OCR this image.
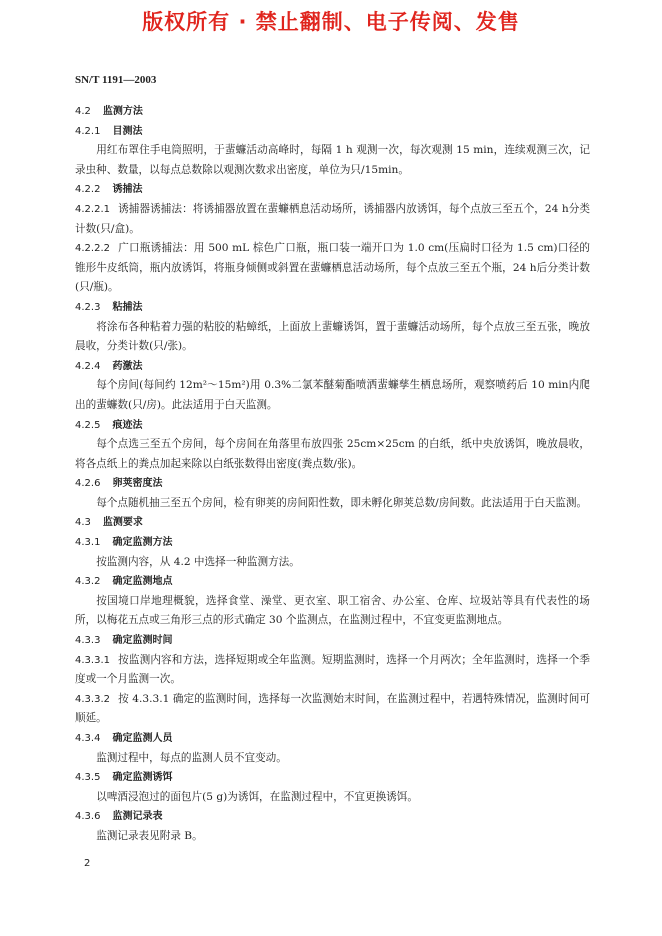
版权所有 · 禁止翻制、电子传阅、发售
SN/T 1191—2003
4.2 监测方法
4.2.1 目测法
用红布罩住手电筒照明，于蜚蠊活动高峰时，每隔 1 h 观测一次，每次观测 15 min，连续观测三次，记录虫种、数量，以每点总数除以观测次数求出密度，单位为只/15min。
4.2.2 诱捕法
4.2.2.1 诱捕器诱捕法：将诱捕器放置在蜚蠊栖息活动场所，诱捕器内放诱饵，每个点放三至五个，24 h分类计数(只/盒)。
4.2.2.2 广口瓶诱捕法：用 500 mL 棕色广口瓶，瓶口装一端开口为 1.0 cm(压扁时口径为 1.5 cm)口径的锥形牛皮纸筒，瓶内放诱饵，将瓶身倾侧或斜置在蜚蠊栖息活动场所，每个点放三至五个瓶，24 h后分类计数(只/瓶)。
4.2.3 粘捕法
将涂布各种粘着力强的粘胶的粘蟑纸，上面放上蜚蠊诱饵，置于蜚蠊活动场所，每个点放三至五张，晚放晨收，分类计数(只/张)。
4.2.4 药激法
每个房间(每间约 12m²～15m²)用 0.3%二氯苯醚菊酯喷洒蜚蠊孳生栖息场所，观察喷药后 10 min内爬出的蜚蠊数(只/房)。此法适用于白天监测。
4.2.5 痕迹法
每个点选三至五个房间，每个房间在角落里布放四张 25cm×25cm 的白纸，纸中央放诱饵，晚放晨收，将各点纸上的粪点加起来除以白纸张数得出密度(粪点数/张)。
4.2.6 卵荚密度法
每个点随机抽三至五个房间，检有卵荚的房间阳性数，即未孵化卵荚总数/房间数。此法适用于白天监测。
4.3 监测要求
4.3.1 确定监测方法
按监测内容，从 4.2 中选择一种监测方法。
4.3.2 确定监测地点
按国境口岸地理概貌，选择食堂、澡堂、更衣室、职工宿舍、办公室、仓库、垃圾站等具有代表性的场所，以梅花五点或三角形三点的形式确定 30 个监测点，在监测过程中，不宜变更监测地点。
4.3.3 确定监测时间
4.3.3.1 按监测内容和方法，选择短期或全年监测。短期监测时，选择一个月两次；全年监测时，选择一个季度或一个月监测一次。
4.3.3.2 按 4.3.3.1 确定的监测时间，选择每一次监测始末时间，在监测过程中，若遇特殊情况，监测时间可顺延。
4.3.4 确定监测人员
监测过程中，每点的监测人员不宜变动。
4.3.5 确定监测诱饵
以啤酒浸泡过的面包片(5 g)为诱饵，在监测过程中，不宜更换诱饵。
4.3.6 监测记录表
监测记录表见附录 B。
2
